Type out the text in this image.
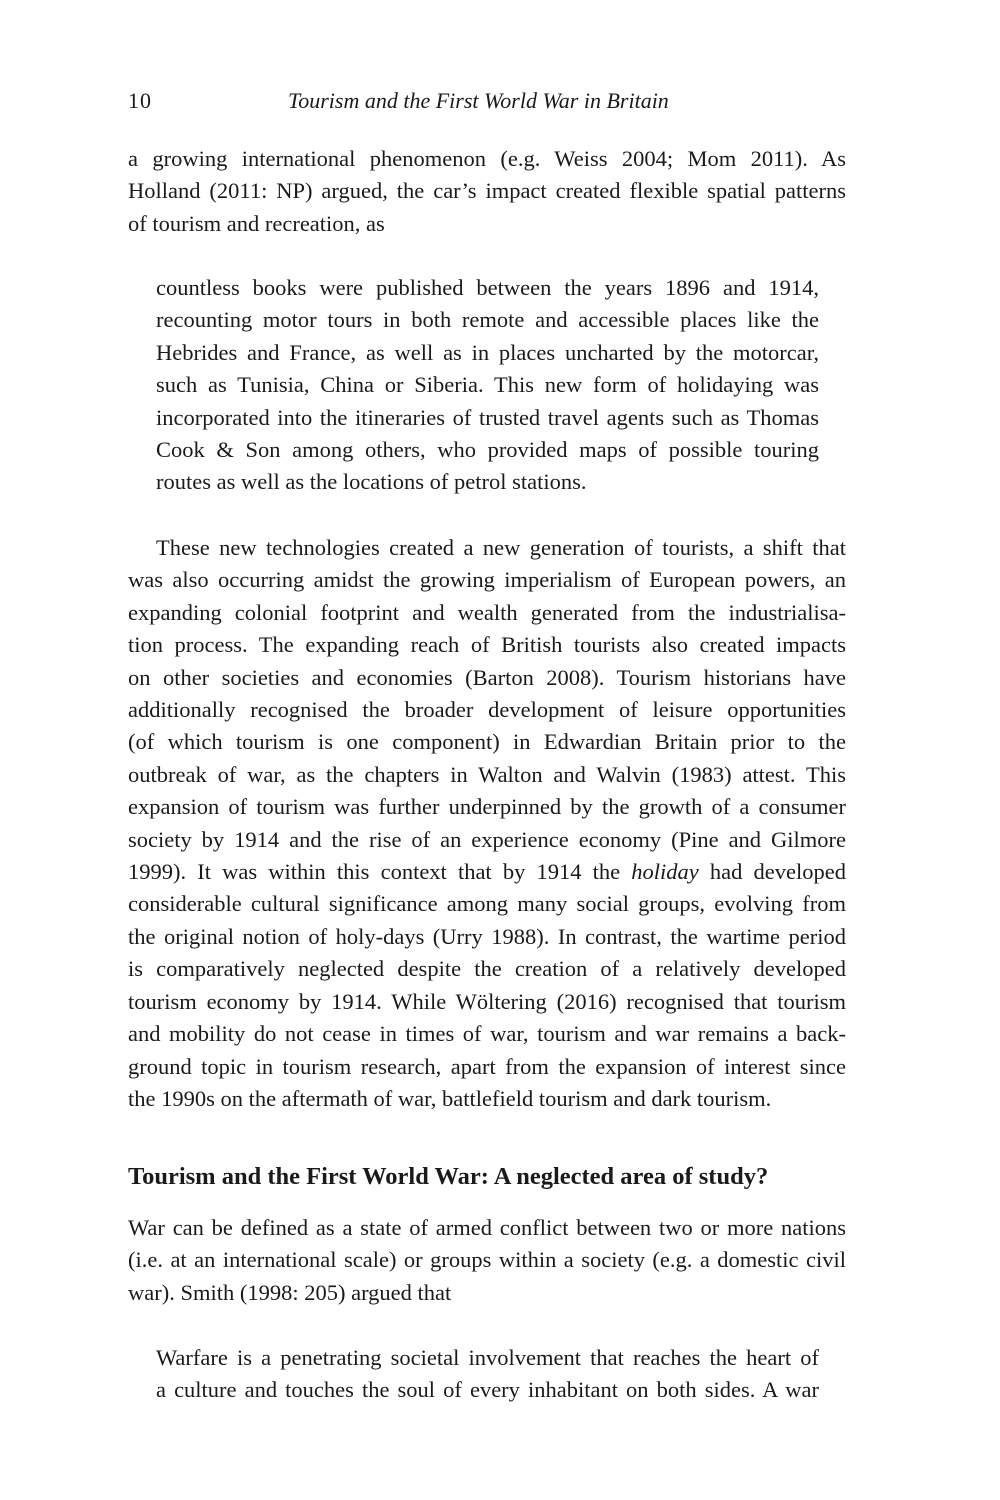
10	Tourism and the First World War in Britain

a growing international phenomenon (e.g. Weiss 2004; Mom 2011). As
Holland (2011: NP) argued, the car’s impact created flexible spatial patterns
of tourism and recreation, as

countless books were published between the years 1896 and 1914,
recounting motor tours in both remote and accessible places like the
Hebrides and France, as well as in places uncharted by the motorcar,
such as Tunisia, China or Siberia. This new form of holidaying was
incorporated into the itineraries of trusted travel agents such as Thomas
Cook & Son among others, who provided maps of possible touring
routes as well as the locations of petrol stations.

These new technologies created a new generation of tourists, a shift that
was also occurring amidst the growing imperialism of European powers, an
expanding colonial footprint and wealth generated from the industrialisa-
tion process. The expanding reach of British tourists also created impacts
on other societies and economies (Barton 2008). Tourism historians have
additionally recognised the broader development of leisure opportunities
(of which tourism is one component) in Edwardian Britain prior to the
outbreak of war, as the chapters in Walton and Walvin (1983) attest. This
expansion of tourism was further underpinned by the growth of a consumer
society by 1914 and the rise of an experience economy (Pine and Gilmore
1999). It was within this context that by 1914 the holiday had developed
considerable cultural significance among many social groups, evolving from
the original notion of holy-days (Urry 1988). In contrast, the wartime period
is comparatively neglected despite the creation of a relatively developed
tourism economy by 1914. While Wöltering (2016) recognised that tourism
and mobility do not cease in times of war, tourism and war remains a back-
ground topic in tourism research, apart from the expansion of interest since
the 1990s on the aftermath of war, battlefield tourism and dark tourism.

Tourism and the First World War: A neglected area of study?

War can be defined as a state of armed conflict between two or more nations
(i.e. at an international scale) or groups within a society (e.g. a domestic civil
war). Smith (1998: 205) argued that

Warfare is a penetrating societal involvement that reaches the heart of
a culture and touches the soul of every inhabitant on both sides. A war
